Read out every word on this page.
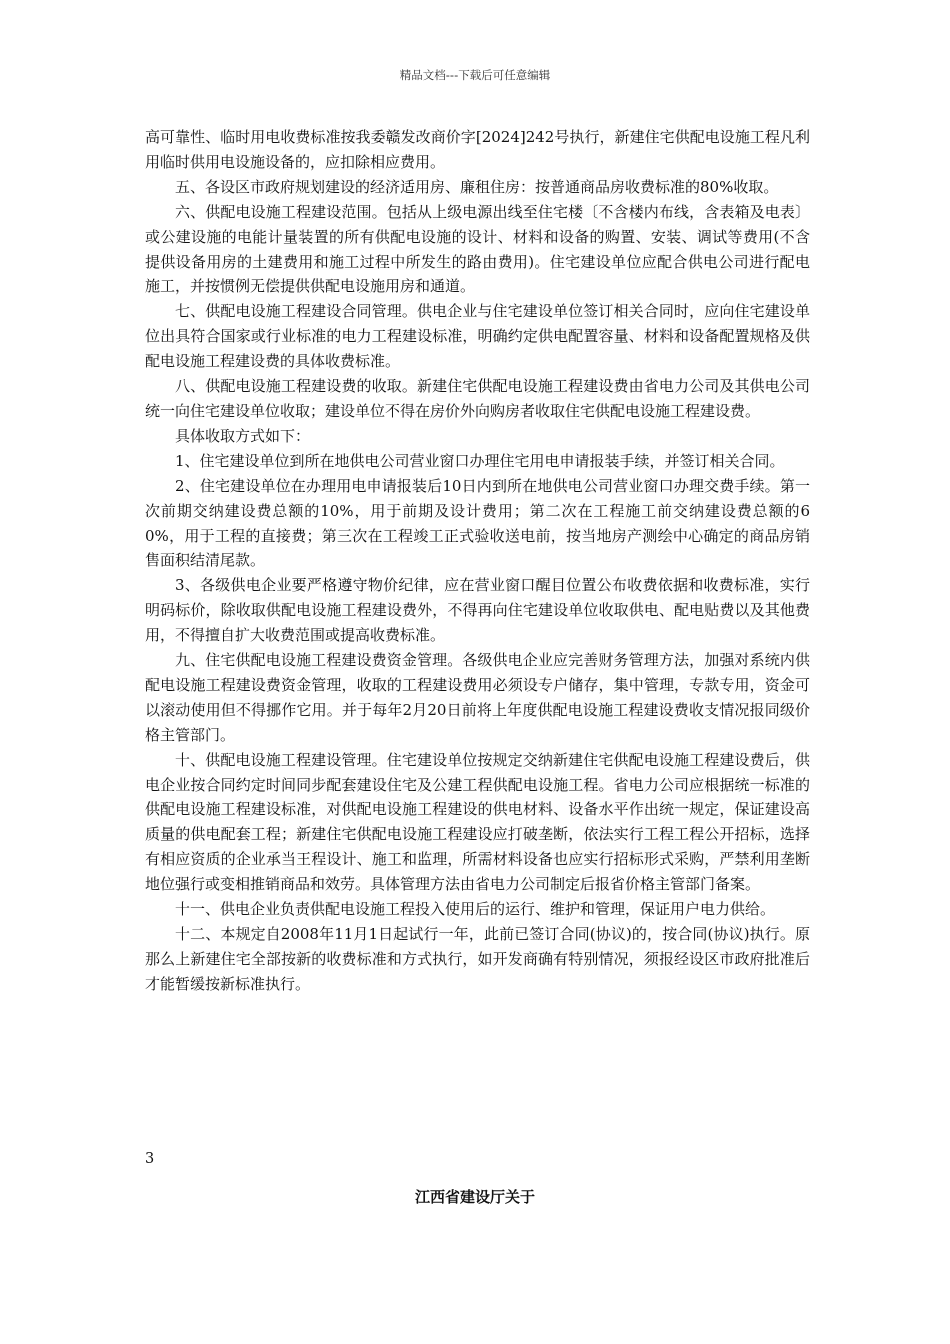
精品文档---下载后可任意编辑

高可靠性、临时用电收费标准按我委赣发改商价字[2024]242号执行，新建住宅供配电设施工程凡利用临时供用电设施设备的，应扣除相应费用。

五、各设区市政府规划建设的经济适用房、廉租住房：按普通商品房收费标准的80%收取。

六、供配电设施工程建设范围。包括从上级电源出线至住宅楼〔不含楼内布线，含表箱及电表〕或公建设施的电能计量装置的所有供配电设施的设计、材料和设备的购置、安装、调试等费用(不含提供设备用房的土建费用和施工过程中所发生的路由费用)。住宅建设单位应配合供电公司进行配电施工，并按惯例无偿提供供配电设施用房和通道。

七、供配电设施工程建设合同管理。供电企业与住宅建设单位签订相关合同时，应向住宅建设单位出具符合国家或行业标准的电力工程建设标准，明确约定供电配置容量、材料和设备配置规格及供配电设施工程建设费的具体收费标准。

八、供配电设施工程建设费的收取。新建住宅供配电设施工程建设费由省电力公司及其供电公司统一向住宅建设单位收取；建设单位不得在房价外向购房者收取住宅供配电设施工程建设费。

具体收取方式如下：

1、住宅建设单位到所在地供电公司营业窗口办理住宅用电申请报装手续，并签订相关合同。

2、住宅建设单位在办理用电申请报装后10日内到所在地供电公司营业窗口办理交费手续。第一次前期交纳建设费总额的10%，用于前期及设计费用；第二次在工程施工前交纳建设费总额的60%，用于工程的直接费；第三次在工程竣工正式验收送电前，按当地房产测绘中心确定的商品房销售面积结清尾款。

3、各级供电企业要严格遵守物价纪律，应在营业窗口醒目位置公布收费依据和收费标准，实行明码标价，除收取供配电设施工程建设费外，不得再向住宅建设单位收取供电、配电贴费以及其他费用，不得擅自扩大收费范围或提高收费标准。

九、住宅供配电设施工程建设费资金管理。各级供电企业应完善财务管理方法，加强对系统内供配电设施工程建设费资金管理，收取的工程建设费用必须设专户储存，集中管理，专款专用，资金可以滚动使用但不得挪作它用。并于每年2月20日前将上年度供配电设施工程建设费收支情况报同级价格主管部门。

十、供配电设施工程建设管理。住宅建设单位按规定交纳新建住宅供配电设施工程建设费后，供电企业按合同约定时间同步配套建设住宅及公建工程供配电设施工程。省电力公司应根据统一标准的供配电设施工程建设标准，对供配电设施工程建设的供电材料、设备水平作出统一规定，保证建设高质量的供电配套工程；新建住宅供配电设施工程建设应打破垄断，依法实行工程工程公开招标，选择有相应资质的企业承当王程设计、施工和监理，所需材料设备也应实行招标形式采购，严禁利用垄断地位强行或变相推销商品和效劳。具体管理方法由省电力公司制定后报省价格主管部门备案。

十一、供电企业负责供配电设施工程投入使用后的运行、维护和管理，保证用户电力供给。

十二、本规定自2008年11月1日起试行一年，此前已签订合同(协议)的，按合同(协议)执行。原那么上新建住宅全部按新的收费标准和方式执行，如开发商确有特别情况，须报经设区市政府批准后才能暂缓按新标准执行。

3
江西省建设厅关于
